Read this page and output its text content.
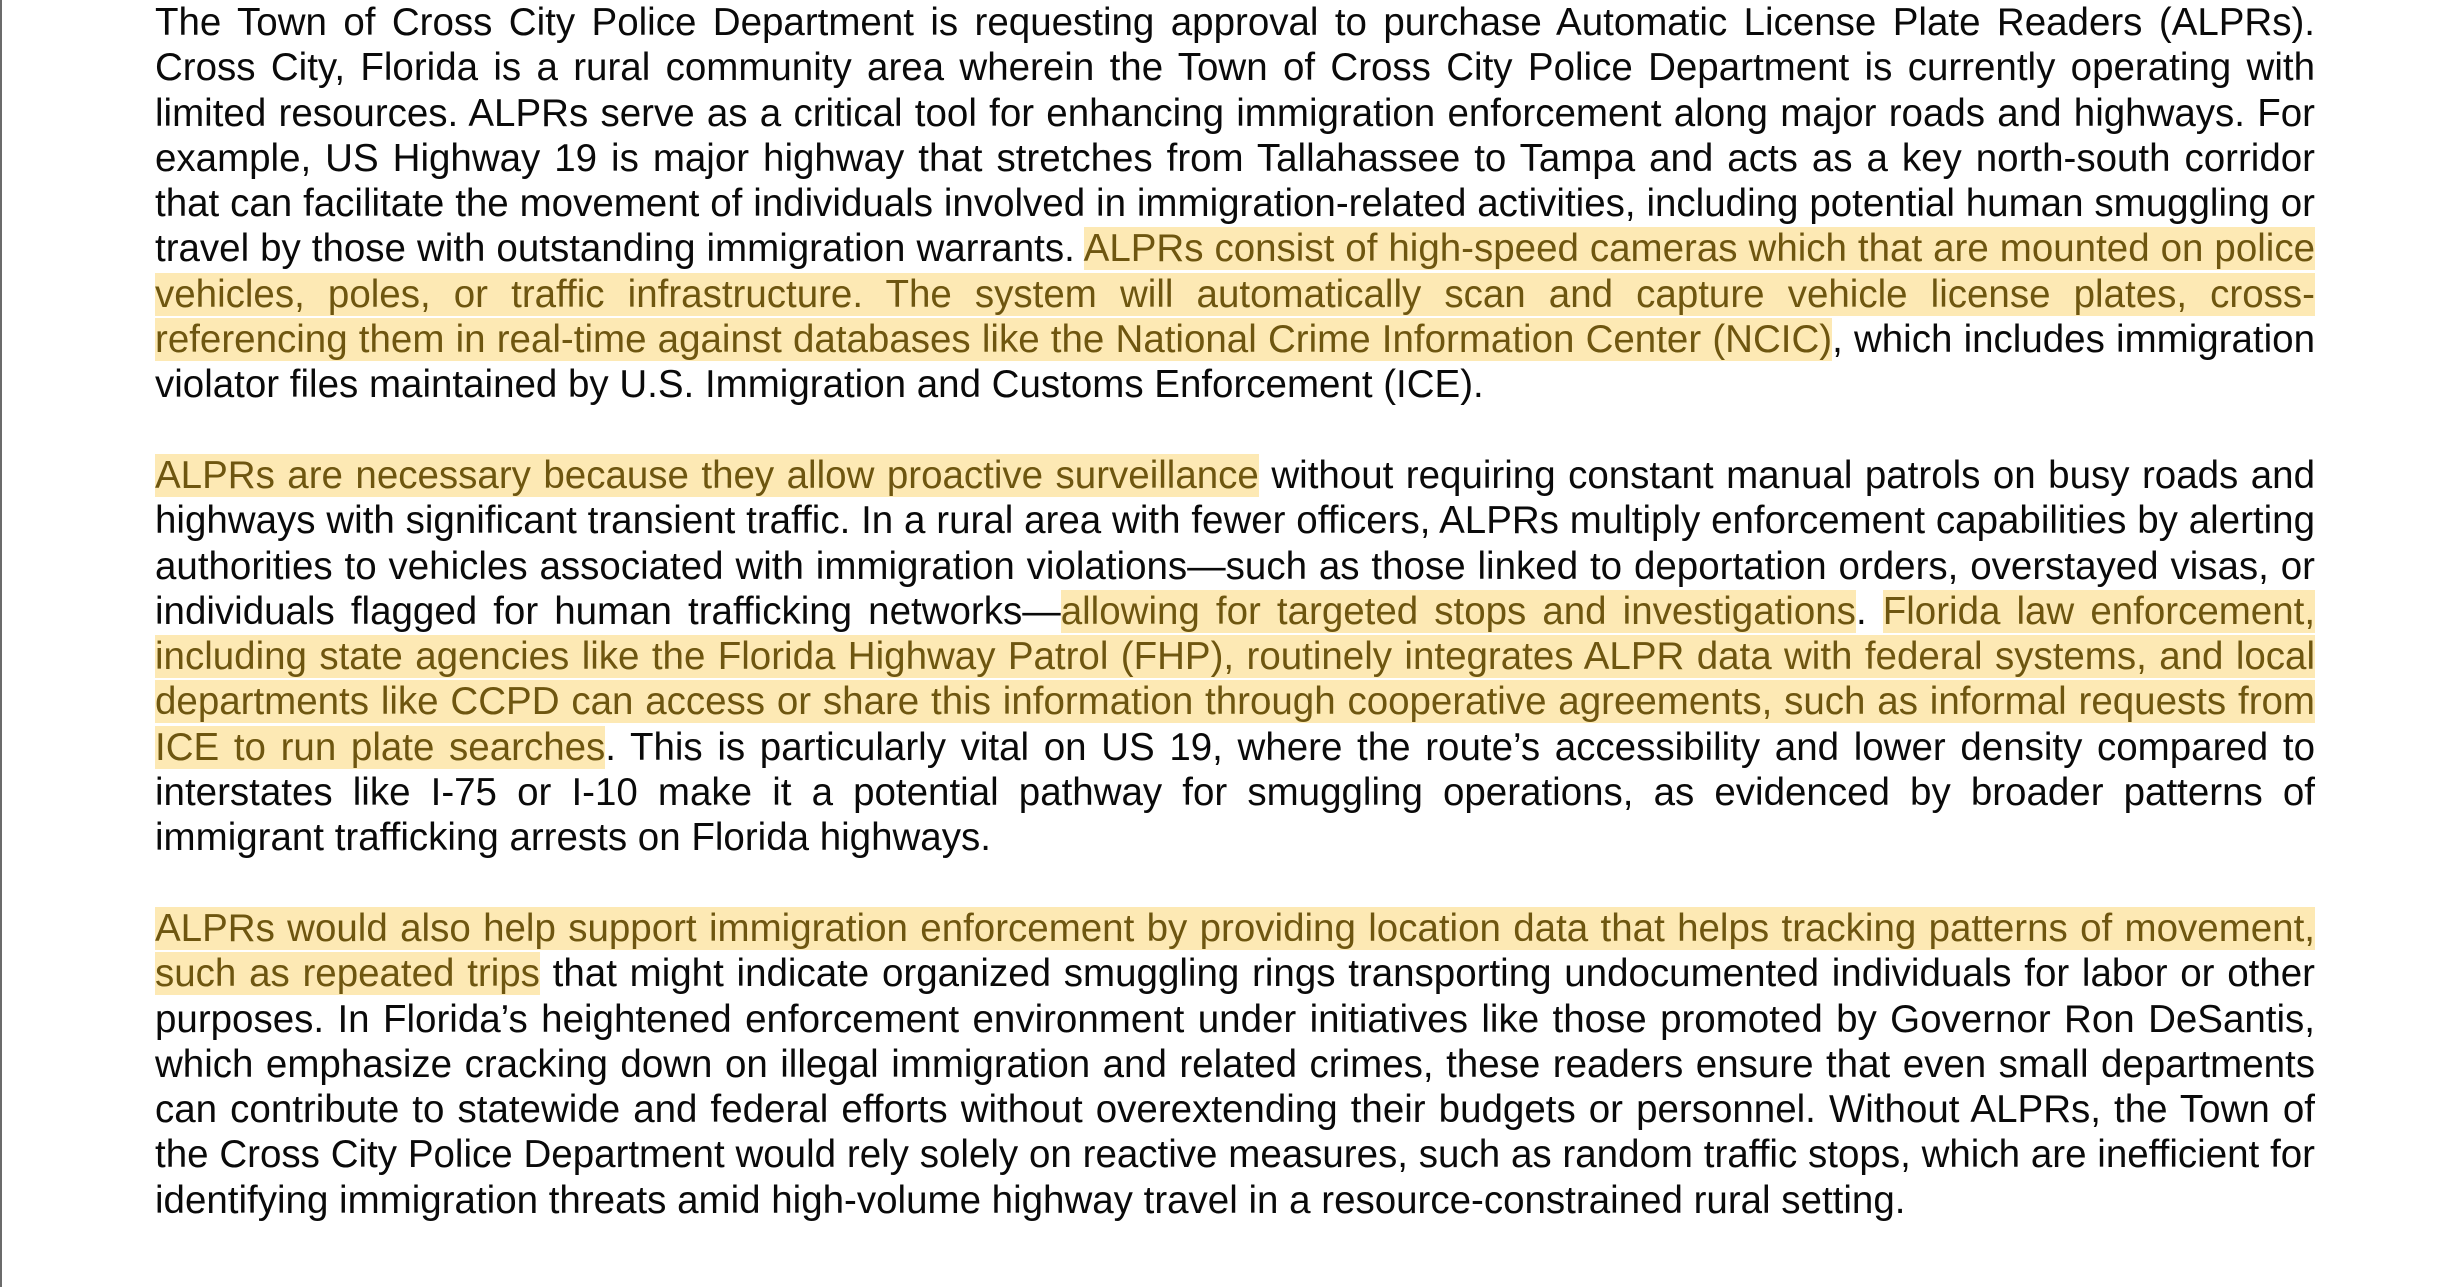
The Town of Cross City Police Department is requesting approval to purchase Automatic License Plate Readers (ALPRs). Cross City, Florida is a rural community area wherein the Town of Cross City Police Department is currently operating with limited resources. ALPRs serve as a critical tool for enhancing immigration enforcement along major roads and highways. For example, US Highway 19 is major highway that stretches from Tallahassee to Tampa and acts as a key north-south corridor that can facilitate the movement of individuals involved in immigration-related activities, including potential human smuggling or travel by those with outstanding immigration warrants. ALPRs consist of high-speed cameras which that are mounted on police vehicles, poles, or traffic infrastructure. The system will automatically scan and capture vehicle license plates, cross-referencing them in real-time against databases like the National Crime Information Center (NCIC), which includes immigration violator files maintained by U.S. Immigration and Customs Enforcement (ICE).

ALPRs are necessary because they allow proactive surveillance without requiring constant manual patrols on busy roads and highways with significant transient traffic. In a rural area with fewer officers, ALPRs multiply enforcement capabilities by alerting authorities to vehicles associated with immigration violations—such as those linked to deportation orders, overstayed visas, or individuals flagged for human trafficking networks—allowing for targeted stops and investigations. Florida law enforcement, including state agencies like the Florida Highway Patrol (FHP), routinely integrates ALPR data with federal systems, and local departments like CCPD can access or share this information through cooperative agreements, such as informal requests from ICE to run plate searches. This is particularly vital on US 19, where the route’s accessibility and lower density compared to interstates like I-75 or I-10 make it a potential pathway for smuggling operations, as evidenced by broader patterns of immigrant trafficking arrests on Florida highways.

ALPRs would also help support immigration enforcement by providing location data that helps tracking patterns of movement, such as repeated trips that might indicate organized smuggling rings transporting undocumented individuals for labor or other purposes. In Florida’s heightened enforcement environment under initiatives like those promoted by Governor Ron DeSantis, which emphasize cracking down on illegal immigration and related crimes, these readers ensure that even small departments can contribute to statewide and federal efforts without overextending their budgets or personnel. Without ALPRs, the Town of the Cross City Police Department would rely solely on reactive measures, such as random traffic stops, which are inefficient for identifying immigration threats amid high-volume highway travel in a resource-constrained rural setting.
